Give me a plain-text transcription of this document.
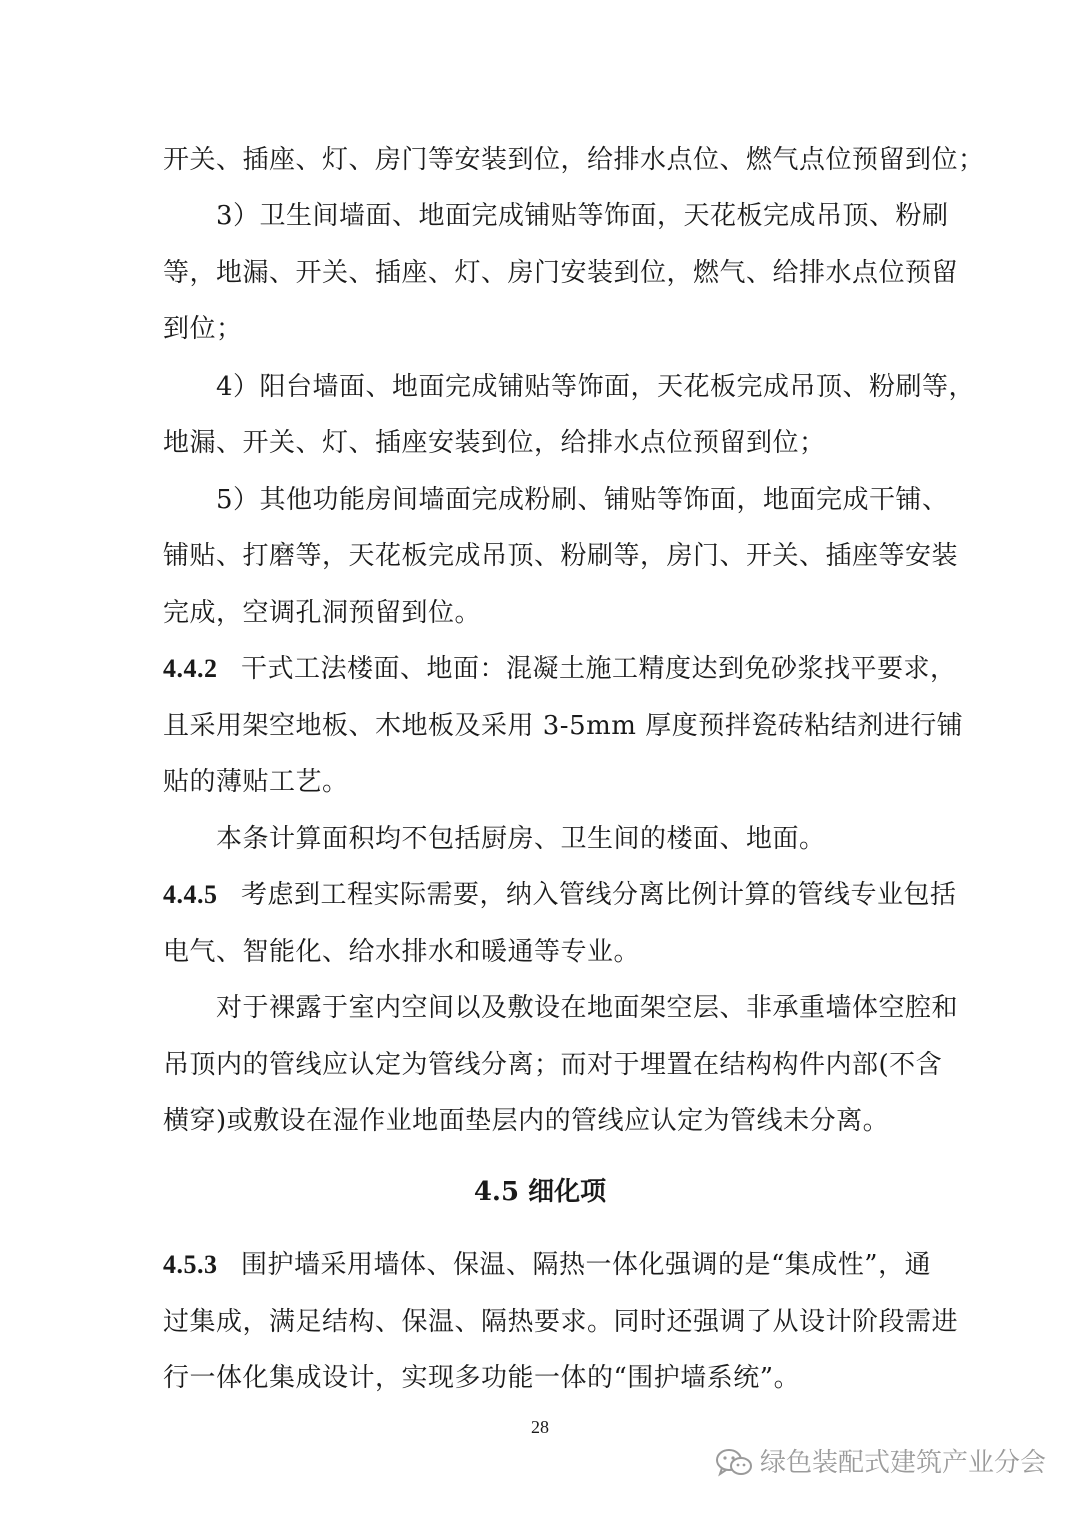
开关、插座、灯、房门等安装到位，给排水点位、燃气点位预留到位；
3）卫生间墙面、地面完成铺贴等饰面，天花板完成吊顶、粉刷
等，地漏、开关、插座、灯、房门安装到位，燃气、给排水点位预留
到位；
4）阳台墙面、地面完成铺贴等饰面，天花板完成吊顶、粉刷等，
地漏、开关、灯、插座安装到位，给排水点位预留到位；
5）其他功能房间墙面完成粉刷、铺贴等饰面，地面完成干铺、
铺贴、打磨等，天花板完成吊顶、粉刷等，房门、开关、插座等安装
完成，空调孔洞预留到位。
4.4.2 干式工法楼面、地面：混凝土施工精度达到免砂浆找平要求，
且采用架空地板、木地板及采用 3-5mm 厚度预拌瓷砖粘结剂进行铺
贴的薄贴工艺。
本条计算面积均不包括厨房、卫生间的楼面、地面。
4.4.5 考虑到工程实际需要，纳入管线分离比例计算的管线专业包括
电气、智能化、给水排水和暖通等专业。
对于裸露于室内空间以及敷设在地面架空层、非承重墙体空腔和
吊顶内的管线应认定为管线分离；而对于埋置在结构构件内部(不含
横穿)或敷设在湿作业地面垫层内的管线应认定为管线未分离。
4.5 细化项
4.5.3 围护墙采用墙体、保温、隔热一体化强调的是“集成性”，通
过集成，满足结构、保温、隔热要求。同时还强调了从设计阶段需进
行一体化集成设计，实现多功能一体的“围护墙系统”。
28
绿色装配式建筑产业分会
